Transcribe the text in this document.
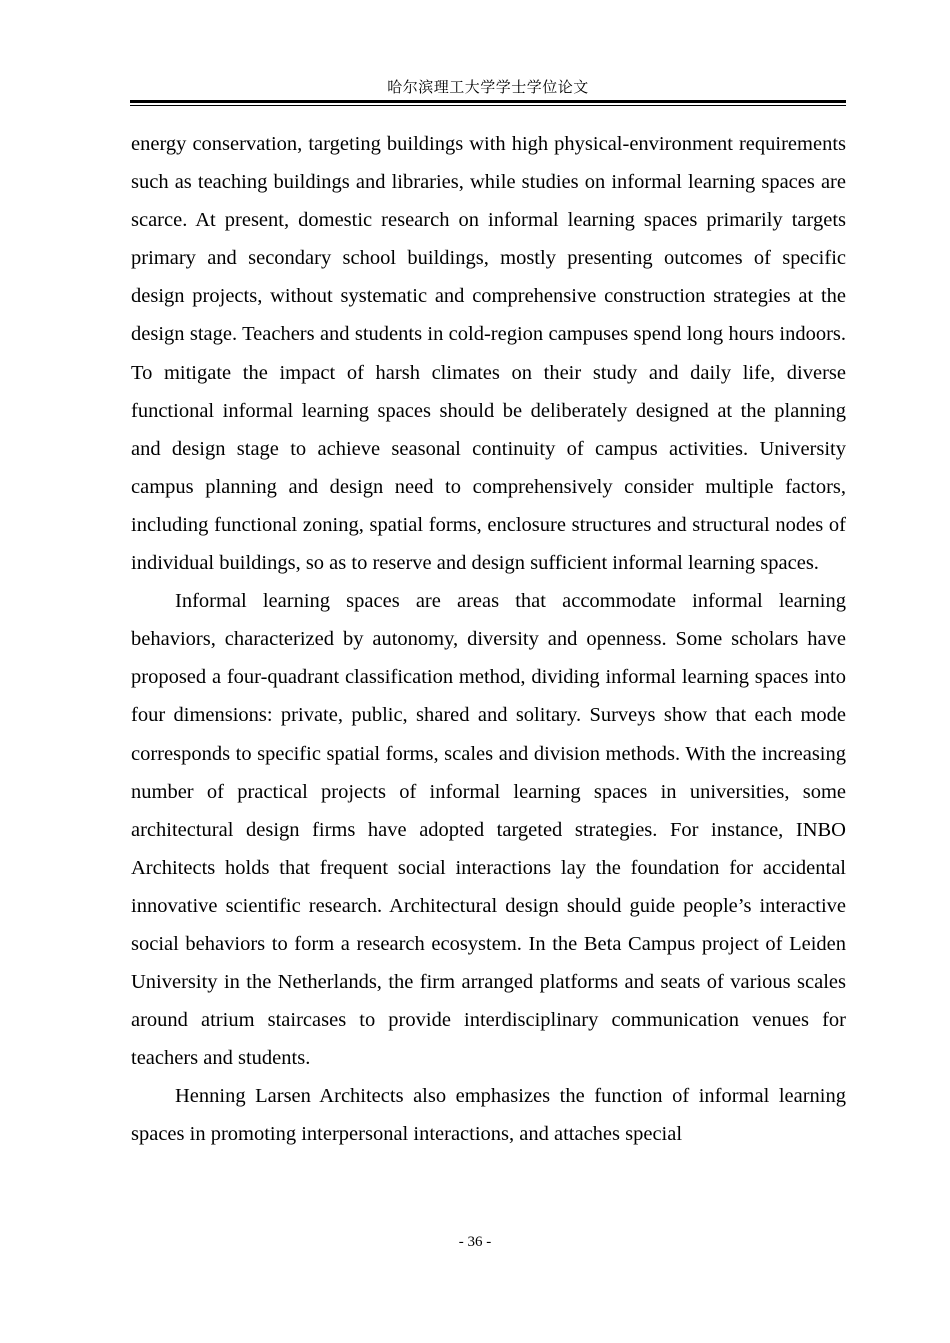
哈尔滨理工大学学士学位论文

energy conservation, targeting buildings with high physical-environment requirements such as teaching buildings and libraries, while studies on informal learning spaces are scarce. At present, domestic research on informal learning spaces primarily targets primary and secondary school buildings, mostly presenting outcomes of specific design projects, without systematic and comprehensive construction strategies at the design stage. Teachers and students in cold-region campuses spend long hours indoors. To mitigate the impact of harsh climates on their study and daily life, diverse functional informal learning spaces should be deliberately designed at the planning and design stage to achieve seasonal continuity of campus activities. University campus planning and design need to comprehensively consider multiple factors, including functional zoning, spatial forms, enclosure structures and structural nodes of individual buildings, so as to reserve and design sufficient informal learning spaces.

Informal learning spaces are areas that accommodate informal learning behaviors, characterized by autonomy, diversity and openness. Some scholars have proposed a four-quadrant classification method, dividing informal learning spaces into four dimensions: private, public, shared and solitary. Surveys show that each mode corresponds to specific spatial forms, scales and division methods. With the increasing number of practical projects of informal learning spaces in universities, some architectural design firms have adopted targeted strategies. For instance, INBO Architects holds that frequent social interactions lay the foundation for accidental innovative scientific research. Architectural design should guide people’s interactive social behaviors to form a research ecosystem. In the Beta Campus project of Leiden University in the Netherlands, the firm arranged platforms and seats of various scales around atrium staircases to provide interdisciplinary communication venues for teachers and students.

Henning Larsen Architects also emphasizes the function of informal learning spaces in promoting interpersonal interactions, and attaches special

- 36 -
